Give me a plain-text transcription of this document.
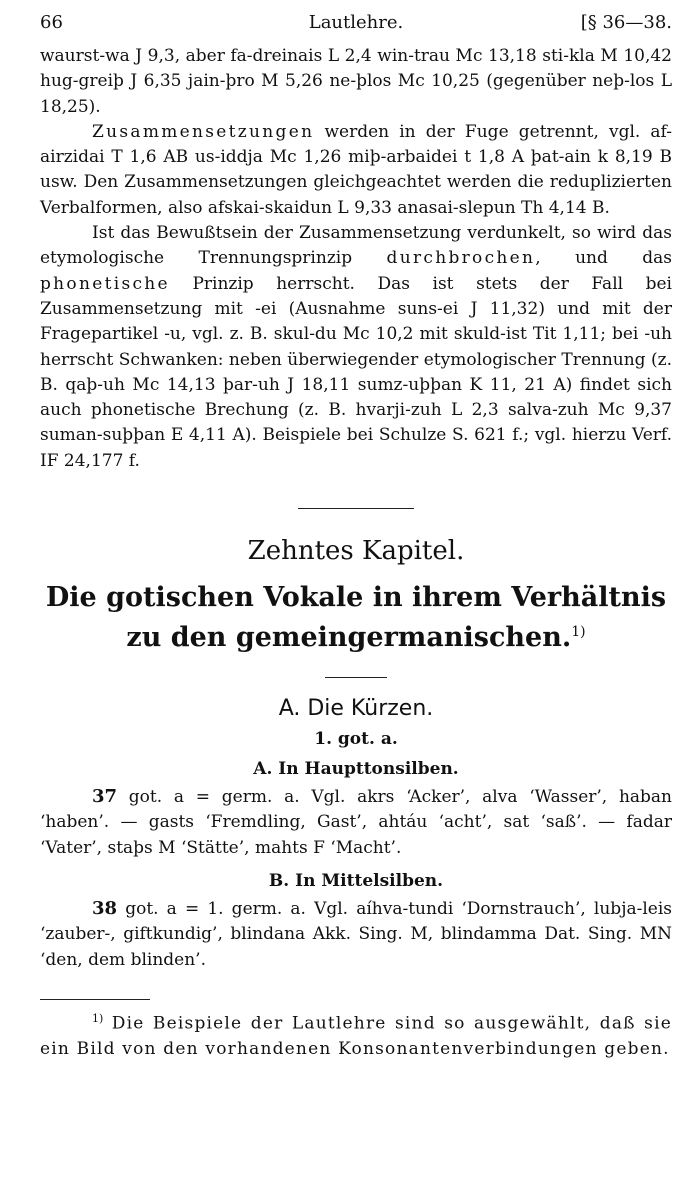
66	Lautlehre.	[§ 36—38.

waurst-wa J 9,3, aber fa-dreinais L 2,4 win-trau Mc 13,18 sti-kla M 10,42 hug-greiþ J 6,35 jain-þro M 5,26 ne-þlos Mc 10,25 (gegenüber neþ-los L 18,25).

Zusammensetzungen werden in der Fuge getrennt, vgl. af-airzidai T 1,6 AB us-iddja Mc 1,26 miþ-arbaidei t 1,8 A þat-ain k 8,19 B usw. Den Zusammensetzungen gleichgeachtet werden die reduplizierten Verbalformen, also afskai-skaidun L 9,33 anasai-slepun Th 4,14 B.

Ist das Bewußtsein der Zusammensetzung verdunkelt, so wird das etymologische Trennungsprinzip durchbrochen, und das phonetische Prinzip herrscht. Das ist stets der Fall bei Zusammensetzung mit -ei (Ausnahme suns-ei J 11,32) und mit der Fragepartikel -u, vgl. z. B. skul-du Mc 10,2 mit skuld-ist Tit 1,11; bei -uh herrscht Schwanken: neben überwiegender etymologischer Trennung (z. B. qaþ-uh Mc 14,13 þar-uh J 18,11 sumz-uþþan K 11, 21 A) findet sich auch phonetische Brechung (z. B. hvarji-zuh L 2,3 salva-zuh Mc 9,37 suman-suþþan E 4,11 A). Beispiele bei Schulze S. 621 f.; vgl. hierzu Verf. IF 24,177 f.

Zehntes Kapitel.

Die gotischen Vokale in ihrem Verhältnis
zu den gemeingermanischen.$^{1)}$

A. Die Kürzen.

1. got. a.

A. In Haupttonsilben.

37 got. a = germ. a. Vgl. akrs ‘Acker’, alva ‘Wasser’, haban ‘haben’. — gasts ‘Fremdling, Gast’, ahtáu ‘acht’, sat ‘saß’. — fadar ‘Vater’, staþs M ‘Stätte’, mahts F ‘Macht’.

B. In Mittelsilben.

38 got. a = 1. germ. a. Vgl. aíhva-tundi ‘Dornstrauch’, lubja-leis ‘zauber-, giftkundig’, blindana Akk. Sing. M, blindamma Dat. Sing. MN ‘den, dem blinden’.

$^{1)}$ Die Beispiele der Lautlehre sind so ausgewählt, daß sie ein Bild von den vorhandenen Konsonantenverbindungen geben.
